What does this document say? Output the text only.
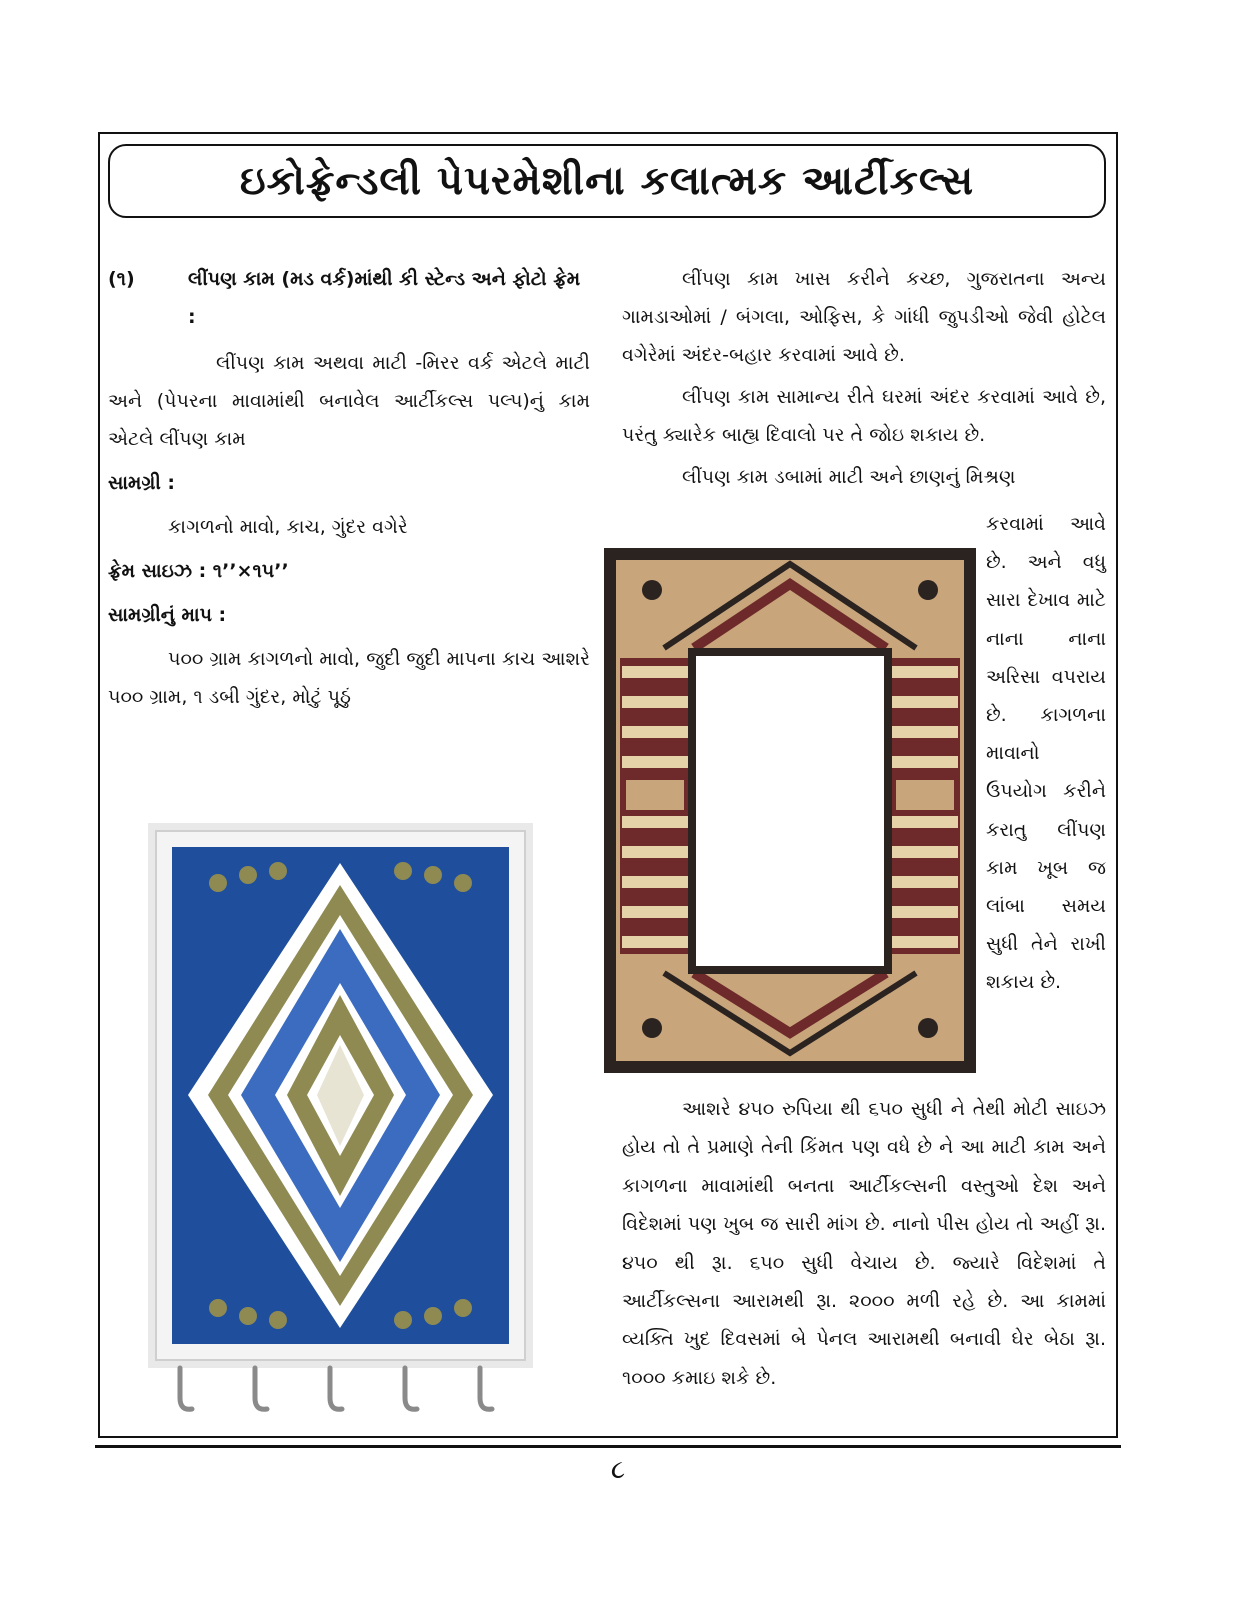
ઇકોફ્રેન્ડલી પેપરમેશીના કલાત્મક આર્ટીકલ્સ
(૧)	લીંપણ કામ (મડ વર્ક)માંથી કી સ્ટેન્ડ અને ફોટો ફ્રેમ :

લીંપણ કામ અથવા માટી -મિરર વર્ક એટલે માટી અને (પેપરના માવામાંથી બનાવેલ આર્ટીકલ્સ પલ્પ)નું કામ એટલે લીંપણ કામ

સામગ્રી :

કાગળનો માવો, કાચ, ગુંદર વગેરે

ફ્રેમ સાઇઝ : ૧’’×૧૫’’

સામગ્રીનું માપ :

૫૦૦ ગ્રામ કાગળનો માવો, જુદી જુદી માપના કાચ આશરે ૫૦૦ ગ્રામ, ૧ ડબી ગુંદર, મોટું પૂઠું

લીંપણ કામ ખાસ કરીને કચ્છ, ગુજરાતના અન્ય ગામડાઓમાં / બંગલા, ઓફિસ, કે ગાંધી જુપડીઓ જેવી હોટેલ વગેરેમાં અંદર-બહાર કરવામાં આવે છે.

લીંપણ કામ સામાન્ય રીતે ઘરમાં અંદર કરવામાં આવે છે, પરંતુ ક્યારેક બાહ્ય દિવાલો પર તે જોઇ શકાય છે.

લીંપણ કામ ડબામાં માટી અને છાણનું મિશ્રણ

કરવામાં આવે છે. અને વધુ સારા દેખાવ માટે નાના નાના અરિસા વપરાય છે. કાગળના માવાનો ઉપયોગ કરીને કરાતુ લીંપણ કામ ખૂબ જ લાંબા સમય સુધી તેને રાખી શકાય છે.

આશરે ૪૫૦ રુપિયા થી ૬૫૦ સુધી ને તેથી મોટી સાઇઝ હોય તો તે પ્રમાણે તેની કિંમત પણ વધે છે ને આ માટી કામ અને કાગળના માવામાંથી બનતા આર્ટીકલ્સની વસ્તુઓ દેશ અને વિદેશમાં પણ ખુબ જ સારી માંગ છે. નાનો પીસ હોય તો અહીં રૂા. ૪૫૦ થી રૂા. ૬૫૦ સુધી વેચાય છે. જ્યારે વિદેશમાં તે આર્ટીકલ્સના આરામથી રૂા. ૨૦૦૦ મળી રહે છે. આ કામમાં વ્યક્તિ ખુદ દિવસમાં બે પેનલ આરામથી બનાવી ઘેર બેઠા રૂા. ૧૦૦૦ કમાઇ શકે છે.

૮
